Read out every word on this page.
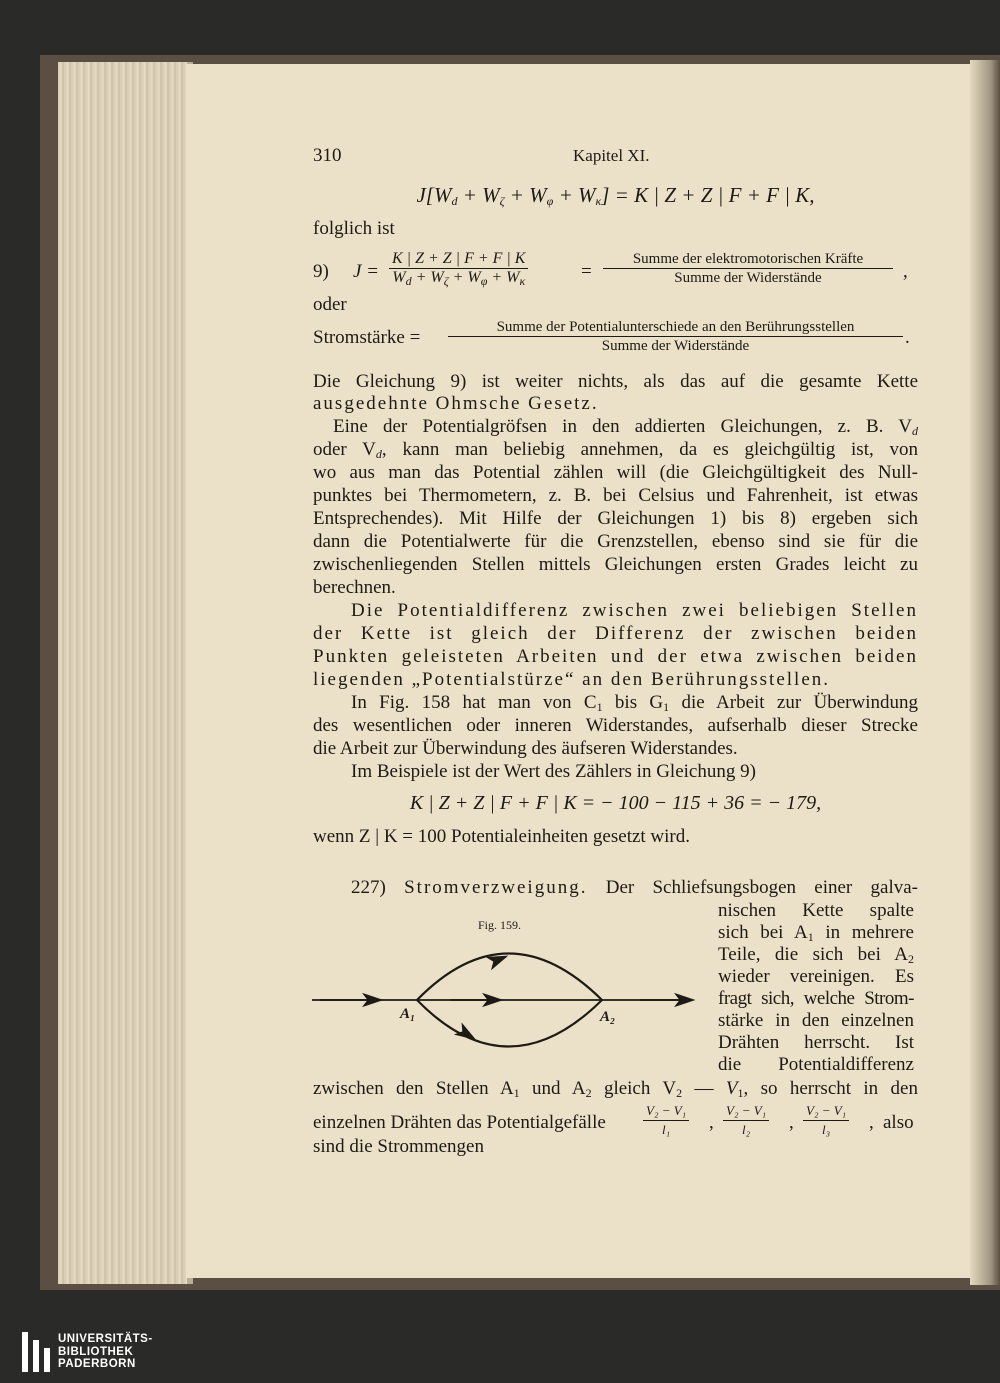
310	Kapitel XI.
$J[W_d + W_\zeta + W_\varphi + W_\kappa] = K$ | Z + Z | F + F | K,
folglich ist
9) $J = \frac{K | Z + Z | F + F | K}{W_d + W_\zeta + W_\varphi + W_\kappa}$	=
Summe der elektromotorischen Kräfte
Summe der Widerstände	,
oder
Stromstärke =	Summe der Potentialunterschiede an den Berührungsstellen
Summe der Widerstände	.
Die Gleichung 9) ist weiter nichts, als das auf die gesamte Kette
ausgedehnte Ohmsche Gesetz.
Eine der Potentialgröfsen in den addierten Gleichungen, z. B. $V_d$
oder $V_d$, kann man beliebig annehmen, da es gleichgültig ist, von
wo aus man das Potential zählen will (die Gleichgültigkeit des Null-
punktes bei Thermometern, z. B. bei Celsius und Fahrenheit, ist etwas
Entsprechendes). Mit Hilfe der Gleichungen 1) bis 8) ergeben sich
dann die Potentialwerte für die Grenzstellen, ebenso sind sie für die
zwischenliegenden Stellen mittels Gleichungen ersten Grades leicht zu
berechnen.
Die Potentialdifferenz zwischen zwei beliebigen Stellen
der Kette ist gleich der Differenz der zwischen beiden
Punkten geleisteten Arbeiten und der etwa zwischen beiden
liegenden „Potentialstürze“ an den Berührungsstellen.
In Fig. 158 hat man von $C_1$ bis $G_1$ die Arbeit zur Überwindung
des wesentlichen oder inneren Widerstandes, aufserhalb dieser Strecke
die Arbeit zur Überwindung des äufseren Widerstandes.
Im Beispiele ist der Wert des Zählers in Gleichung 9)
K | Z + Z | F + F | K = − 100 − 115 + 36 = − 179,
wenn Z | K = 100 Potentialeinheiten gesetzt wird.
227) Stromverzweigung. Der Schliefsungsbogen einer galva-
nischen Kette spalte
sich bei $A_1$ in mehrere
Teile, die sich bei $A_2$
wieder vereinigen. Es
fragt sich, welche Strom-
stärke in den einzelnen
Drähten herrscht. Ist
die Potentialdifferenz
Fig. 159.
A₁	A₂
zwischen den Stellen $A_1$ und $A_2$ gleich $V_2$ — $V_1$, so herrscht in den
einzelnen Drähten das Potentialgefälle	$\frac{\text{V₂ − V₁}}{\text{l₁}}$ , $\frac{\text{V₂ − V₁}}{\text{l₂}}$ , $\frac{\text{V₂ − V₁}}{\text{l₃}}$ , also
sind die Strommengen
UNIVERSITÄTS-
BIBLIOTHEK
PADERBORN
